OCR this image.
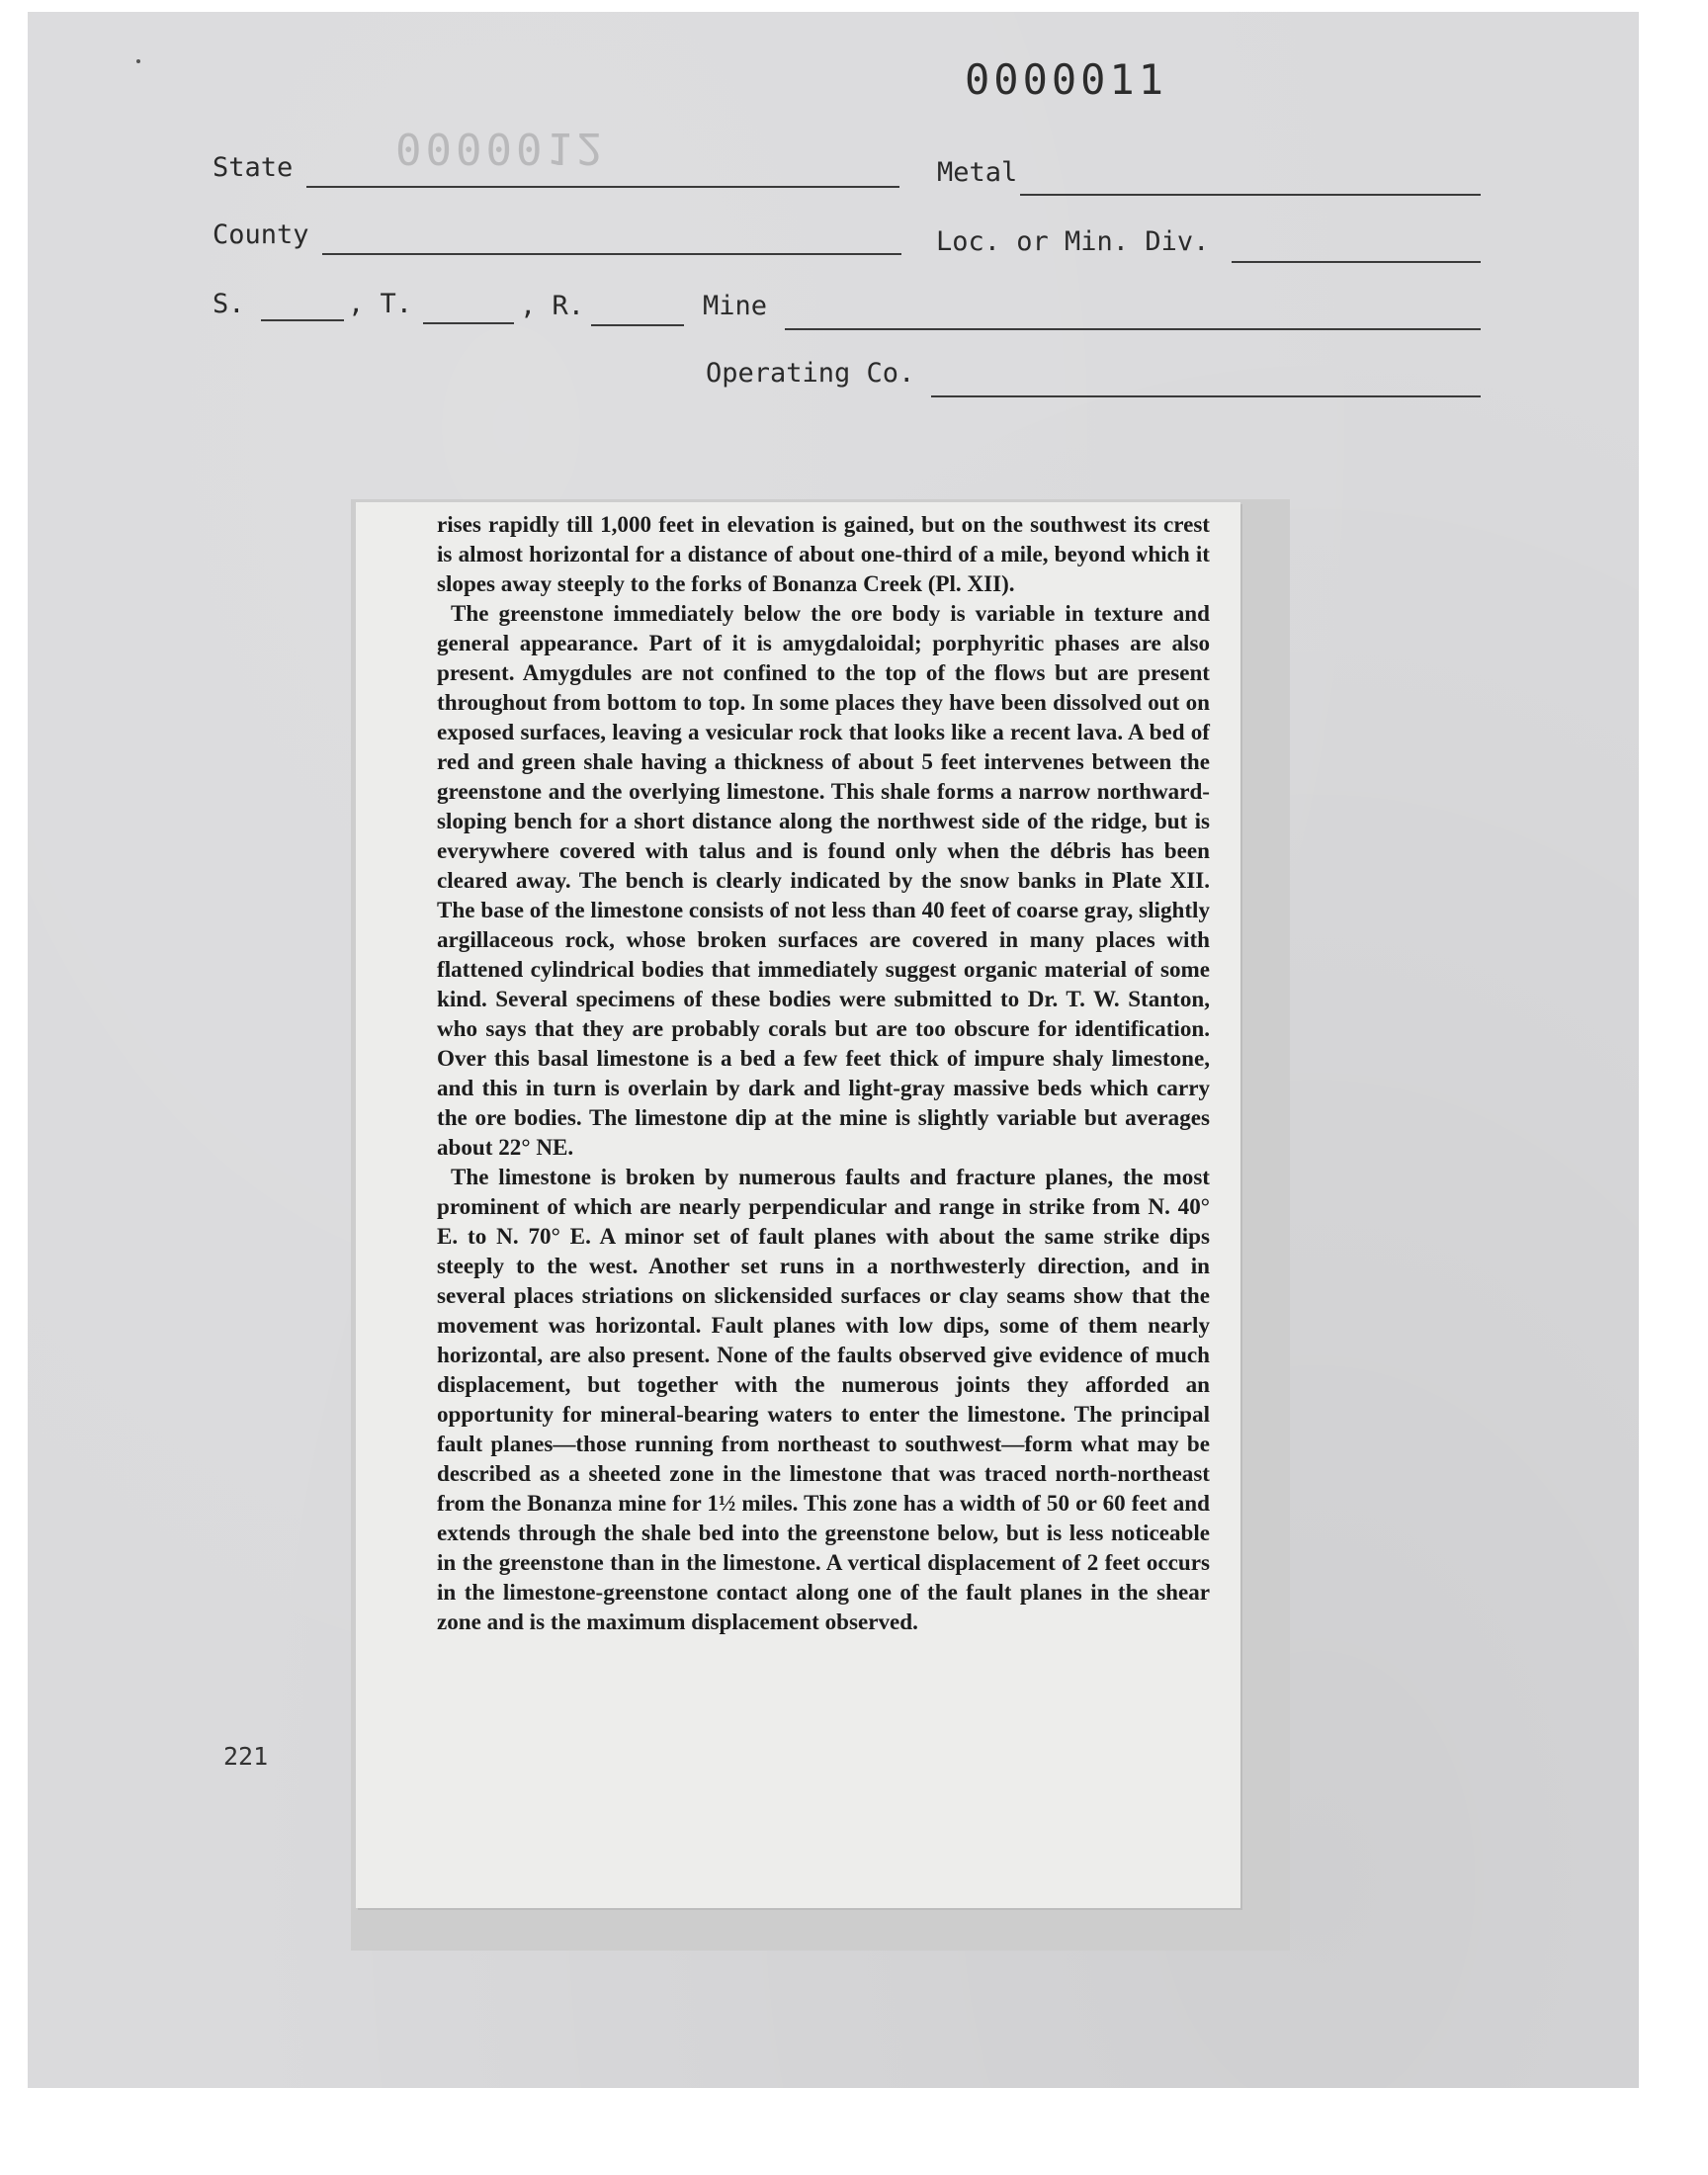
0000011
0000012
State	Metal
County	Loc. or Min. Div.
S.	, T.	, R.	Mine
Operating Co.
221

rises rapidly till 1,000 feet in elevation is gained, but on the southwest its crest is almost horizontal for a distance of about one-third of a mile, beyond which it slopes away steeply to the forks of Bonanza Creek (Pl. XII).

The greenstone immediately below the ore body is variable in texture and general appearance. Part of it is amygdaloidal; porphyritic phases are also present. Amygdules are not confined to the top of the flows but are present throughout from bottom to top. In some places they have been dissolved out on exposed surfaces, leaving a vesicular rock that looks like a recent lava. A bed of red and green shale having a thickness of about 5 feet intervenes between the greenstone and the overlying limestone. This shale forms a narrow northward-sloping bench for a short distance along the northwest side of the ridge, but is everywhere covered with talus and is found only when the débris has been cleared away. The bench is clearly indicated by the snow banks in Plate XII. The base of the limestone consists of not less than 40 feet of coarse gray, slightly argillaceous rock, whose broken surfaces are covered in many places with flattened cylindrical bodies that immediately suggest organic material of some kind. Several specimens of these bodies were submitted to Dr. T. W. Stanton, who says that they are probably corals but are too obscure for identification. Over this basal limestone is a bed a few feet thick of impure shaly limestone, and this in turn is overlain by dark and light-gray massive beds which carry the ore bodies. The limestone dip at the mine is slightly variable but averages about 22° NE.

The limestone is broken by numerous faults and fracture planes, the most prominent of which are nearly perpendicular and range in strike from N. 40° E. to N. 70° E. A minor set of fault planes with about the same strike dips steeply to the west. Another set runs in a northwesterly direction, and in several places striations on slickensided surfaces or clay seams show that the movement was horizontal. Fault planes with low dips, some of them nearly horizontal, are also present. None of the faults observed give evidence of much displacement, but together with the numerous joints they afforded an opportunity for mineral-bearing waters to enter the limestone. The principal fault planes—those running from northeast to southwest—form what may be described as a sheeted zone in the limestone that was traced north-northeast from the Bonanza mine for 1½ miles. This zone has a width of 50 or 60 feet and extends through the shale bed into the greenstone below, but is less noticeable in the greenstone than in the limestone. A vertical displacement of 2 feet occurs in the limestone-greenstone contact along one of the fault planes in the shear zone and is the maximum displacement observed.
